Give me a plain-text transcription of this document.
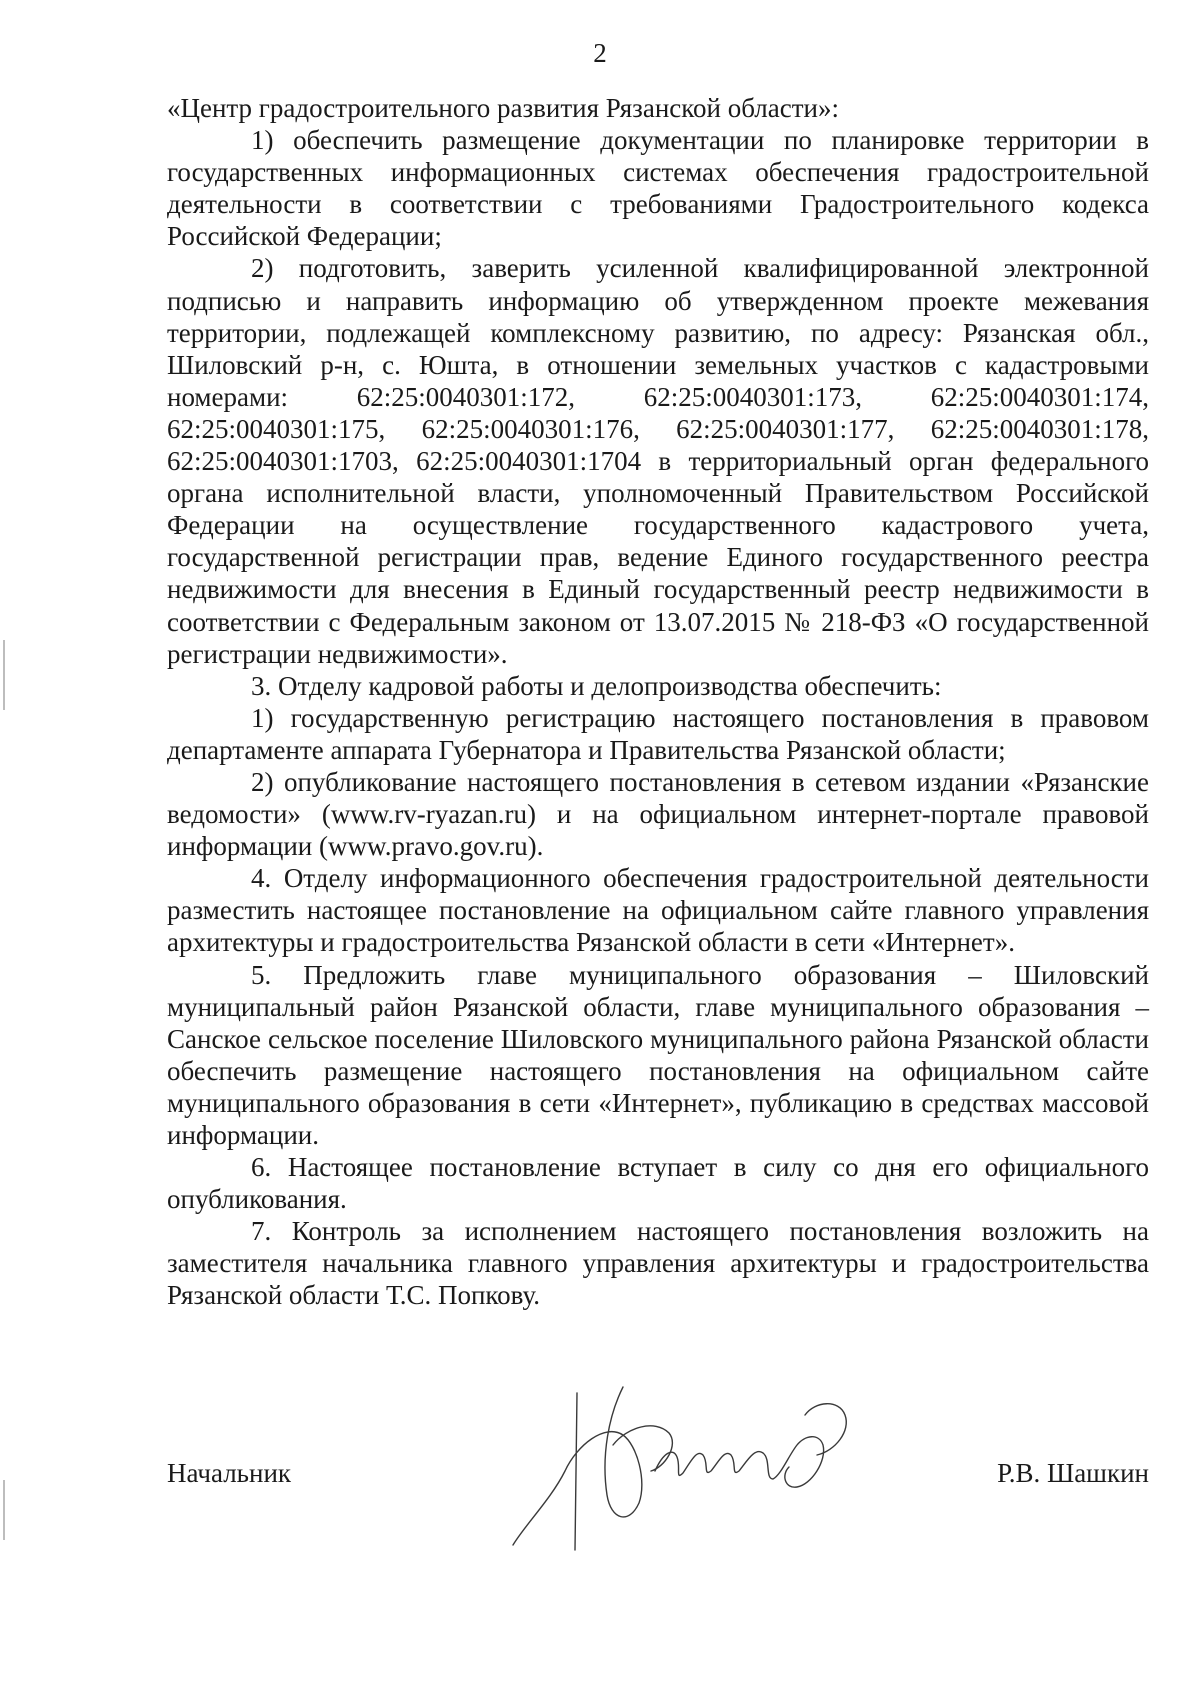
2

«Центр градостроительного развития Рязанской области»:

1) обеспечить размещение документации по планировке территории в государственных информационных системах обеспечения градостроительной деятельности в соответствии с требованиями Градостроительного кодекса Российской Федерации;

2) подготовить, заверить усиленной квалифицированной электронной подписью и направить информацию об утвержденном проекте межевания территории, подлежащей комплексному развитию, по адресу: Рязанская обл., Шиловский р-н, с. Юшта, в отношении земельных участков с кадастровыми номерами: 62:25:0040301:172, 62:25:0040301:173, 62:25:0040301:174, 62:25:0040301:175, 62:25:0040301:176, 62:25:0040301:177, 62:25:0040301:178, 62:25:0040301:1703, 62:25:0040301:1704 в территориальный орган федерального органа исполнительной власти, уполномоченный Правительством Российской Федерации на осуществление государственного кадастрового учета, государственной регистрации прав, ведение Единого государственного реестра недвижимости для внесения в Единый государственный реестр недвижимости в соответствии с Федеральным законом от 13.07.2015 № 218-ФЗ «О государственной регистрации недвижимости».

3. Отделу кадровой работы и делопроизводства обеспечить:

1) государственную регистрацию настоящего постановления в правовом департаменте аппарата Губернатора и Правительства Рязанской области;

2) опубликование настоящего постановления в сетевом издании «Рязанские ведомости» (www.rv-ryazan.ru) и на официальном интернет-портале правовой информации (www.pravo.gov.ru).

4. Отделу информационного обеспечения градостроительной деятельности разместить настоящее постановление на официальном сайте главного управления архитектуры и градостроительства Рязанской области в сети «Интернет».

5. Предложить главе муниципального образования – Шиловский муниципальный район Рязанской области, главе муниципального образования – Санское сельское поселение Шиловского муниципального района Рязанской области обеспечить размещение настоящего постановления на официальном сайте муниципального образования в сети «Интернет», публикацию в средствах массовой информации.

6. Настоящее постановление вступает в силу со дня его официального опубликования.

7. Контроль за исполнением настоящего постановления возложить на заместителя начальника главного управления архитектуры и градостроительства Рязанской области Т.С. Попкову.

Начальник	Р.В. Шашкин
